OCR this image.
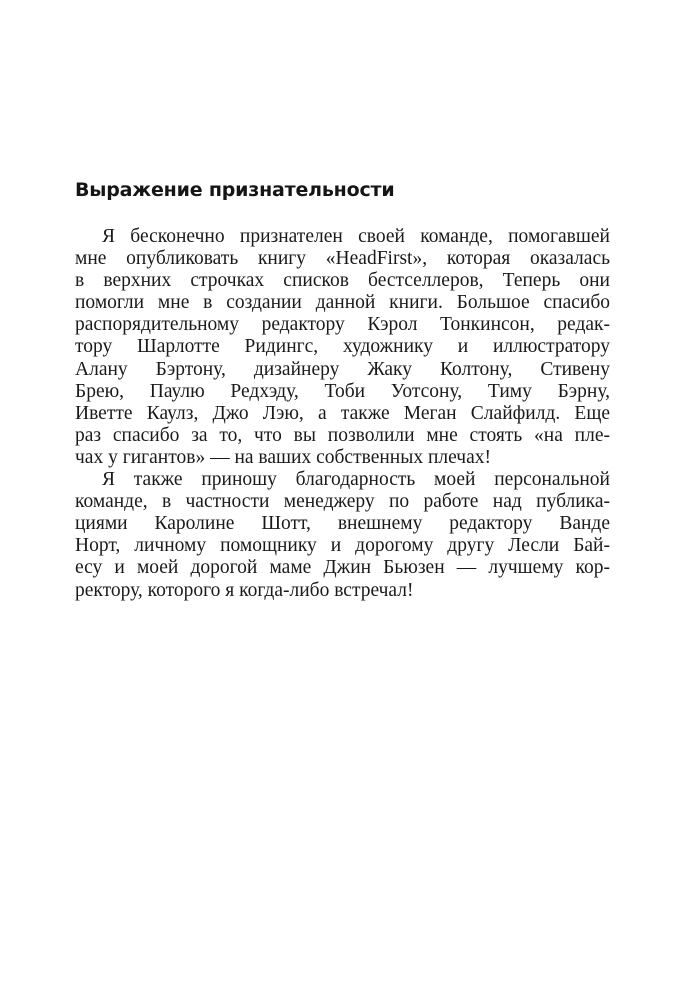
Выражение признательности
Я бесконечно признателен своей команде, помогавшей
мне опубликовать книгу «HeadFirst», которая оказалась
в верхних строчках списков бестселлеров, Теперь они
помогли мне в создании данной книги. Большое спасибо
распорядительному редактору Кэрол Тонкинсон, редак-
тору Шарлотте Ридингс, художнику и иллюстратору
Алану Бэртону, дизайнеру Жаку Колтону, Стивену
Брею, Паулю Редхэду, Тоби Уотсону, Тиму Бэрну,
Иветте Каулз, Джо Лэю, а также Меган Слайфилд. Еще
раз спасибо за то, что вы позволили мне стоять «на пле-
чах у гигантов» — на ваших собственных плечах!
Я также приношу благодарность моей персональной
команде, в частности менеджеру по работе над публика-
циями Каролине Шотт, внешнему редактору Ванде
Норт, личному помощнику и дорогому другу Лесли Бай-
есу и моей дорогой маме Джин Бьюзен — лучшему кор-
ректору, которого я когда-либо встречал!
